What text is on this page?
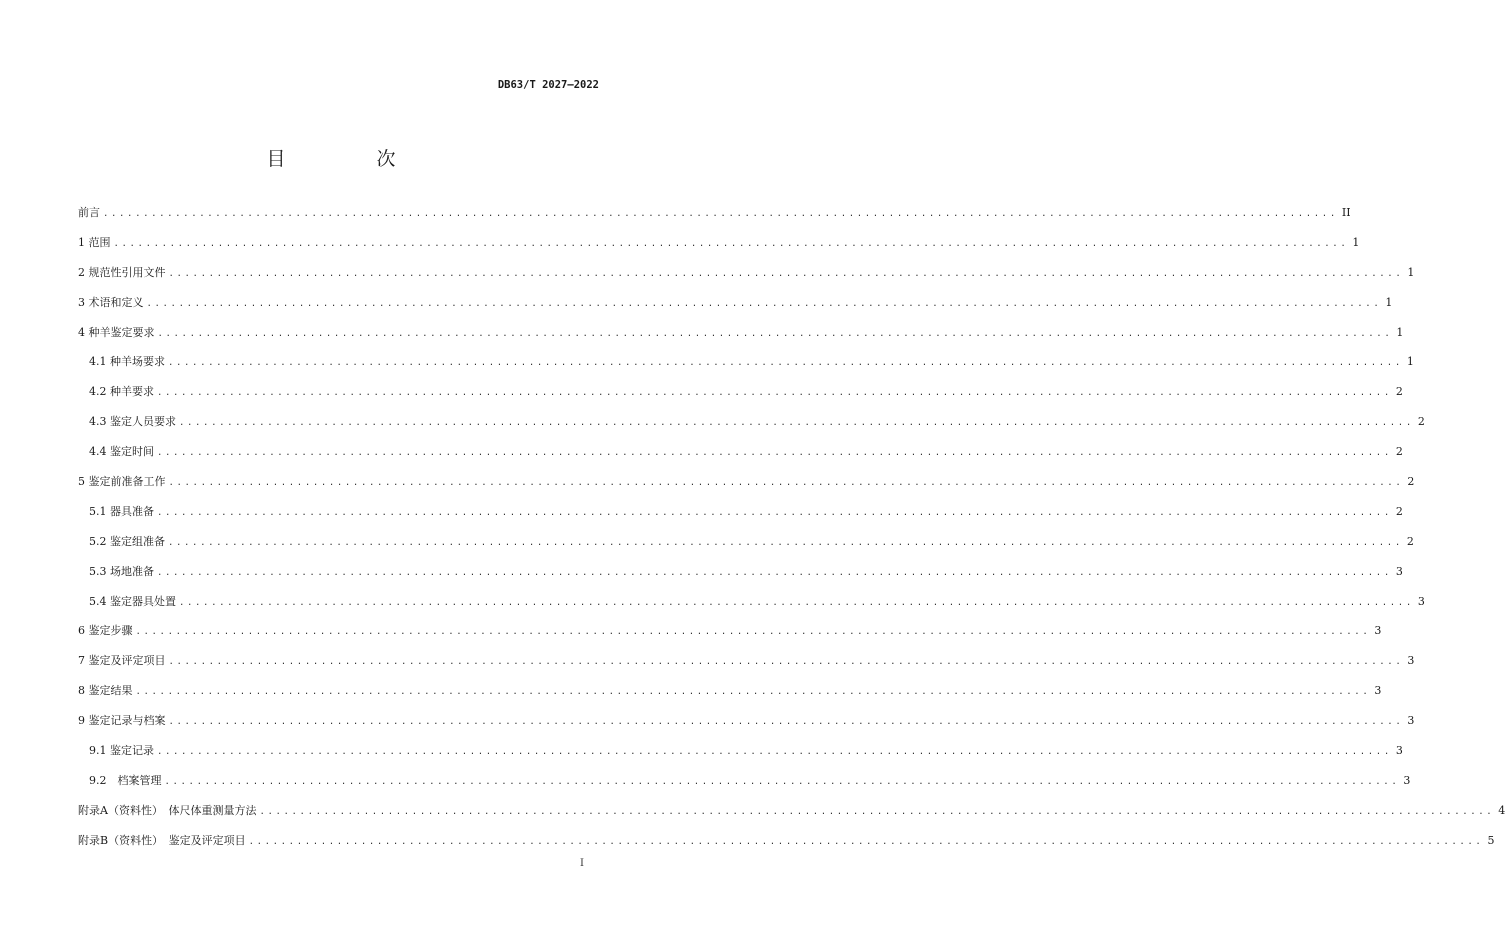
DB63/T 2027—2022
目　次
前言 .......................................................................................................................................................... II
1 范围 .......................................................................................................................................................... 1
2 规范性引用文件 .......................................................................................................................................................... 1
3 术语和定义 .......................................................................................................................................................... 1
4 种羊鉴定要求 .......................................................................................................................................................... 1
4.1 种羊场要求 .......................................................................................................................................................... 1
4.2 种羊要求 .......................................................................................................................................................... 2
4.3 鉴定人员要求 .......................................................................................................................................................... 2
4.4 鉴定时间 .......................................................................................................................................................... 2
5 鉴定前准备工作 .......................................................................................................................................................... 2
5.1 器具准备 .......................................................................................................................................................... 2
5.2 鉴定组准备 .......................................................................................................................................................... 2
5.3 场地准备 .......................................................................................................................................................... 3
5.4 鉴定器具处置 .......................................................................................................................................................... 3
6 鉴定步骤 .......................................................................................................................................................... 3
7 鉴定及评定项目 .......................................................................................................................................................... 3
8 鉴定结果 .......................................................................................................................................................... 3
9 鉴定记录与档案 .......................................................................................................................................................... 3
9.1 鉴定记录 .......................................................................................................................................................... 3
9.2　档案管理 .......................................................................................................................................................... 3
附录A（资料性）　体尺体重测量方法 .......................................................................................................................................................... 4
附录B（资料性）　鉴定及评定项目 .......................................................................................................................................................... 5
I
